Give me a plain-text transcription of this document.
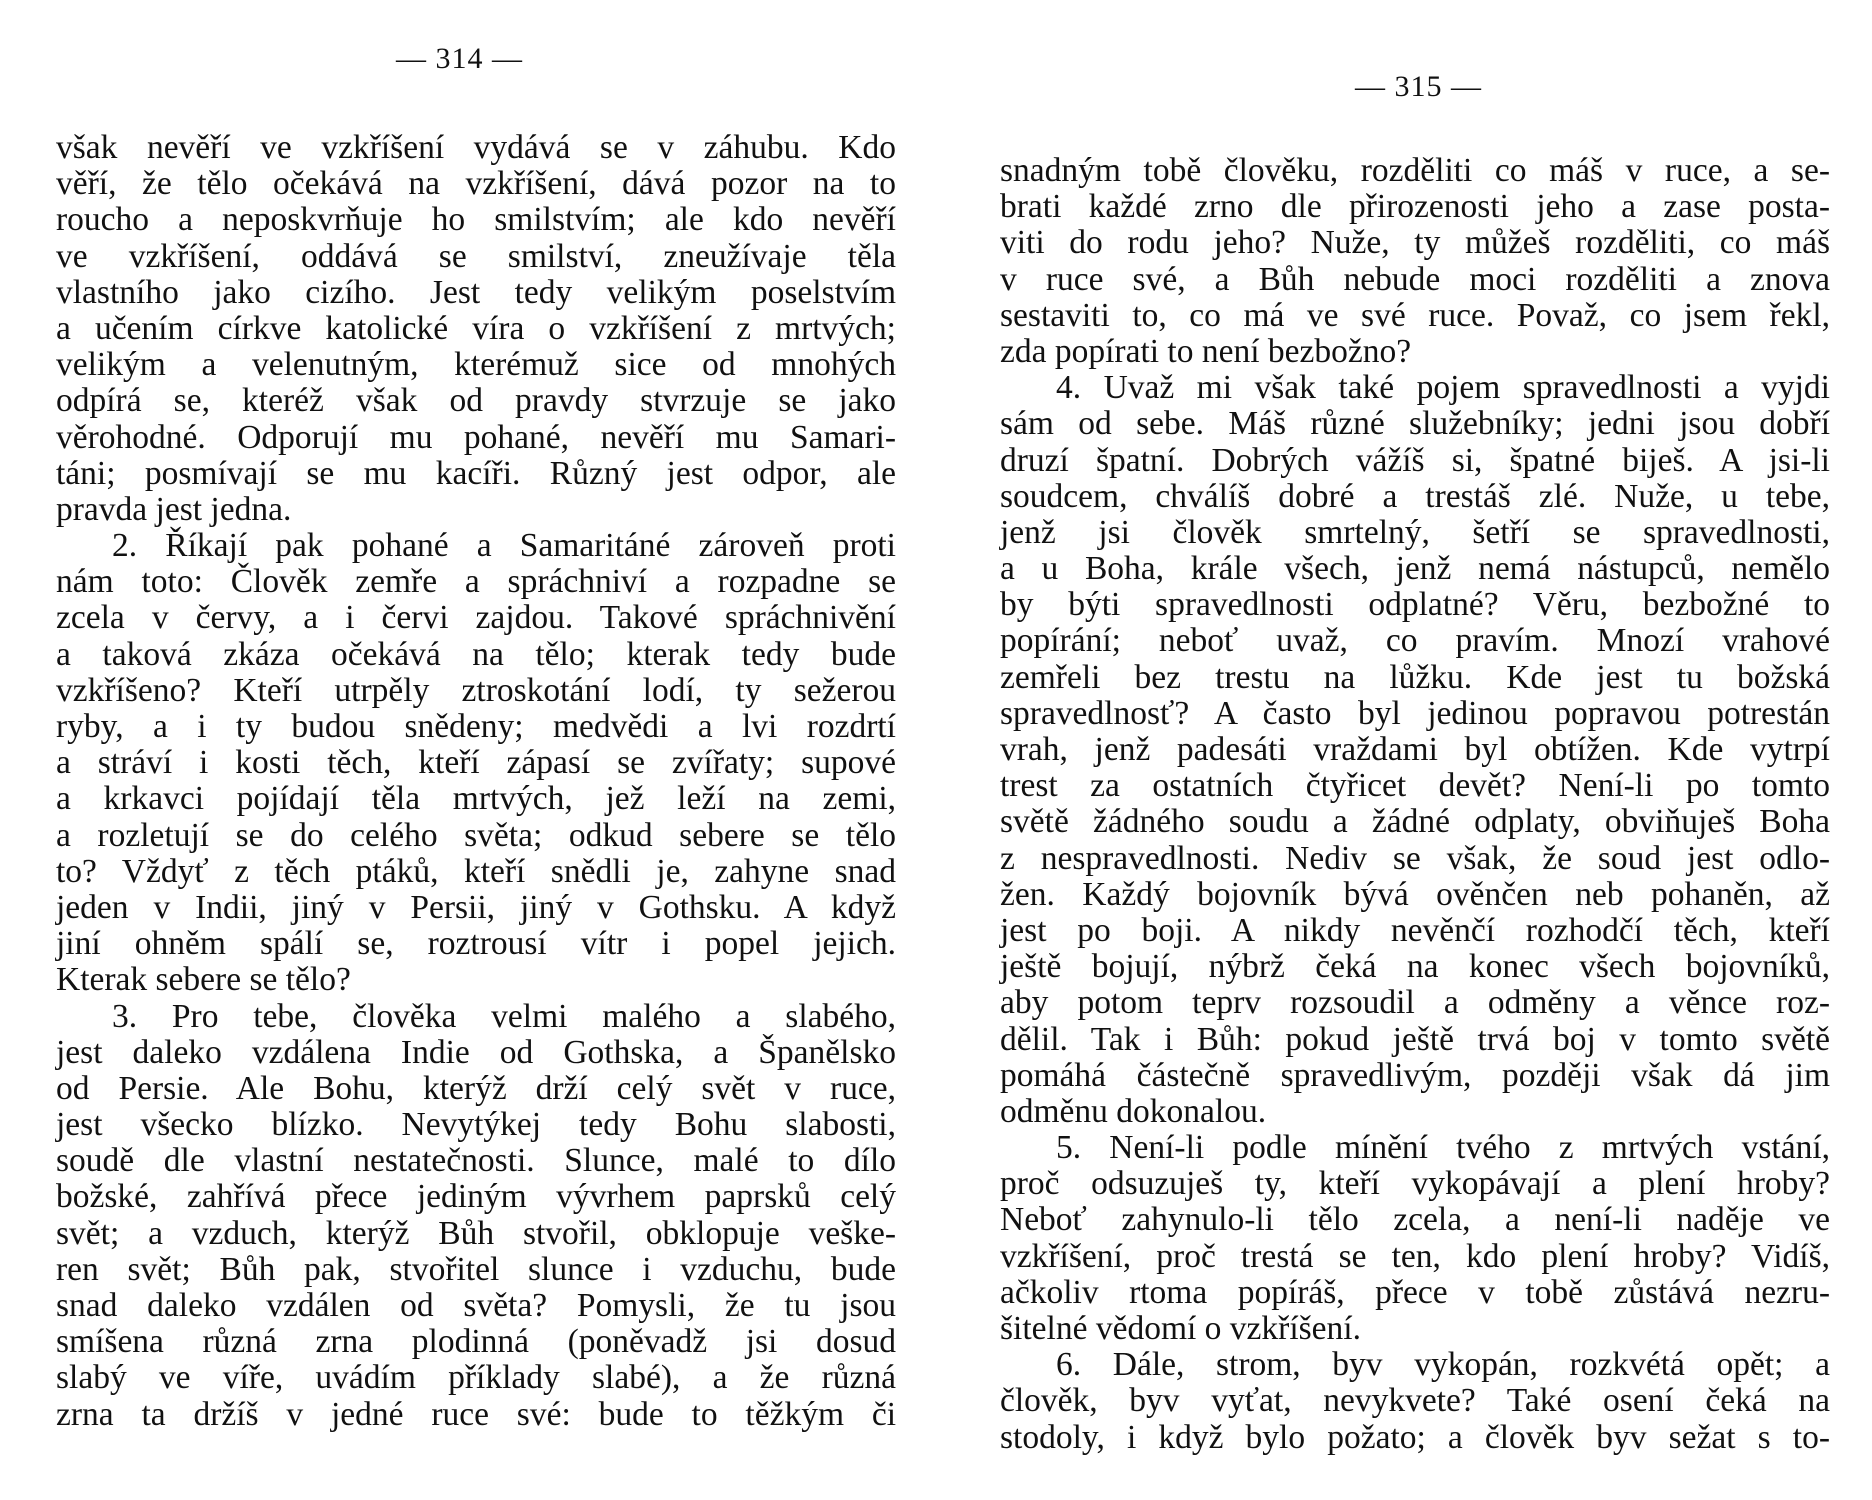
— 314 —
však nevěří ve vzkříšení vydává se v záhubu. Kdo
věří, že tělo očekává na vzkříšení, dává pozor na to
roucho a neposkvrňuje ho smilstvím; ale kdo nevěří
ve vzkříšení, oddává se smilství, zneužívaje těla
vlastního jako cizího. Jest tedy velikým poselstvím
a učením církve katolické víra o vzkříšení z mrtvých;
velikým a velenutným, kterémuž sice od mnohých
odpírá se, kteréž však od pravdy stvrzuje se jako
věrohodné. Odporují mu pohané, nevěří mu Samari-
táni; posmívají se mu kacíři. Různý jest odpor, ale
pravda jest jedna.
2. Říkají pak pohané a Samaritáné zároveň proti
nám toto: Člověk zemře a spráchniví a rozpadne se
zcela v červy, a i červi zajdou. Takové spráchnivění
a taková zkáza očekává na tělo; kterak tedy bude
vzkříšeno? Kteří utrpěly ztroskotání lodí, ty sežerou
ryby, a i ty budou snědeny; medvědi a lvi rozdrtí
a stráví i kosti těch, kteří zápasí se zvířaty; supové
a krkavci pojídají těla mrtvých, jež leží na zemi,
a rozletují se do celého světa; odkud sebere se tělo
to? Vždyť z těch ptáků, kteří snědli je, zahyne snad
jeden v Indii, jiný v Persii, jiný v Gothsku. A když
jiní ohněm spálí se, roztrousí vítr i popel jejich.
Kterak sebere se tělo?
3. Pro tebe, člověka velmi malého a slabého,
jest daleko vzdálena Indie od Gothska, a Španělsko
od Persie. Ale Bohu, kterýž drží celý svět v ruce,
jest všecko blízko. Nevytýkej tedy Bohu slabosti,
soudě dle vlastní nestatečnosti. Slunce, malé to dílo
božské, zahřívá přece jediným vývrhem paprsků celý
svět; a vzduch, kterýž Bůh stvořil, obklopuje veške-
ren svět; Bůh pak, stvořitel slunce i vzduchu, bude
snad daleko vzdálen od světa? Pomysli, že tu jsou
smíšena různá zrna plodinná (poněvadž jsi dosud
slabý ve víře, uvádím příklady slabé), a že různá
zrna ta držíš v jedné ruce své: bude to těžkým či
— 315 —
snadným tobě člověku, rozděliti co máš v ruce, a se-
brati každé zrno dle přirozenosti jeho a zase posta-
viti do rodu jeho? Nuže, ty můžeš rozděliti, co máš
v ruce své, a Bůh nebude moci rozděliti a znova
sestaviti to, co má ve své ruce. Považ, co jsem řekl,
zda popírati to není bezbožno?
4. Uvaž mi však také pojem spravedlnosti a vyjdi
sám od sebe. Máš různé služebníky; jedni jsou dobří
druzí špatní. Dobrých vážíš si, špatné biješ. A jsi-li
soudcem, chválíš dobré a trestáš zlé. Nuže, u tebe,
jenž jsi člověk smrtelný, šetří se spravedlnosti,
a u Boha, krále všech, jenž nemá nástupců, nemělo
by býti spravedlnosti odplatné? Věru, bezbožné to
popírání; neboť uvaž, co pravím. Mnozí vrahové
zemřeli bez trestu na lůžku. Kde jest tu božská
spravedlnosť? A často byl jedinou popravou potrestán
vrah, jenž padesáti vraždami byl obtížen. Kde vytrpí
trest za ostatních čtyřicet devět? Není-li po tomto
světě žádného soudu a žádné odplaty, obviňuješ Boha
z nespravedlnosti. Nediv se však, že soud jest odlo-
žen. Každý bojovník bývá ověnčen neb pohaněn, až
jest po boji. A nikdy nevěnčí rozhodčí těch, kteří
ještě bojují, nýbrž čeká na konec všech bojovníků,
aby potom teprv rozsoudil a odměny a věnce roz-
dělil. Tak i Bůh: pokud ještě trvá boj v tomto světě
pomáhá částečně spravedlivým, později však dá jim
odměnu dokonalou.
5. Není-li podle mínění tvého z mrtvých vstání,
proč odsuzuješ ty, kteří vykopávají a plení hroby?
Neboť zahynulo-li tělo zcela, a není-li naděje ve
vzkříšení, proč trestá se ten, kdo plení hroby? Vidíš,
ačkoliv rtoma popíráš, přece v tobě zůstává nezru-
šitelné vědomí o vzkříšení.
6. Dále, strom, byv vykopán, rozkvétá opět; a
člověk, byv vyťat, nevykvete? Také osení čeká na
stodoly, i když bylo požato; a člověk byv sežat s to-
